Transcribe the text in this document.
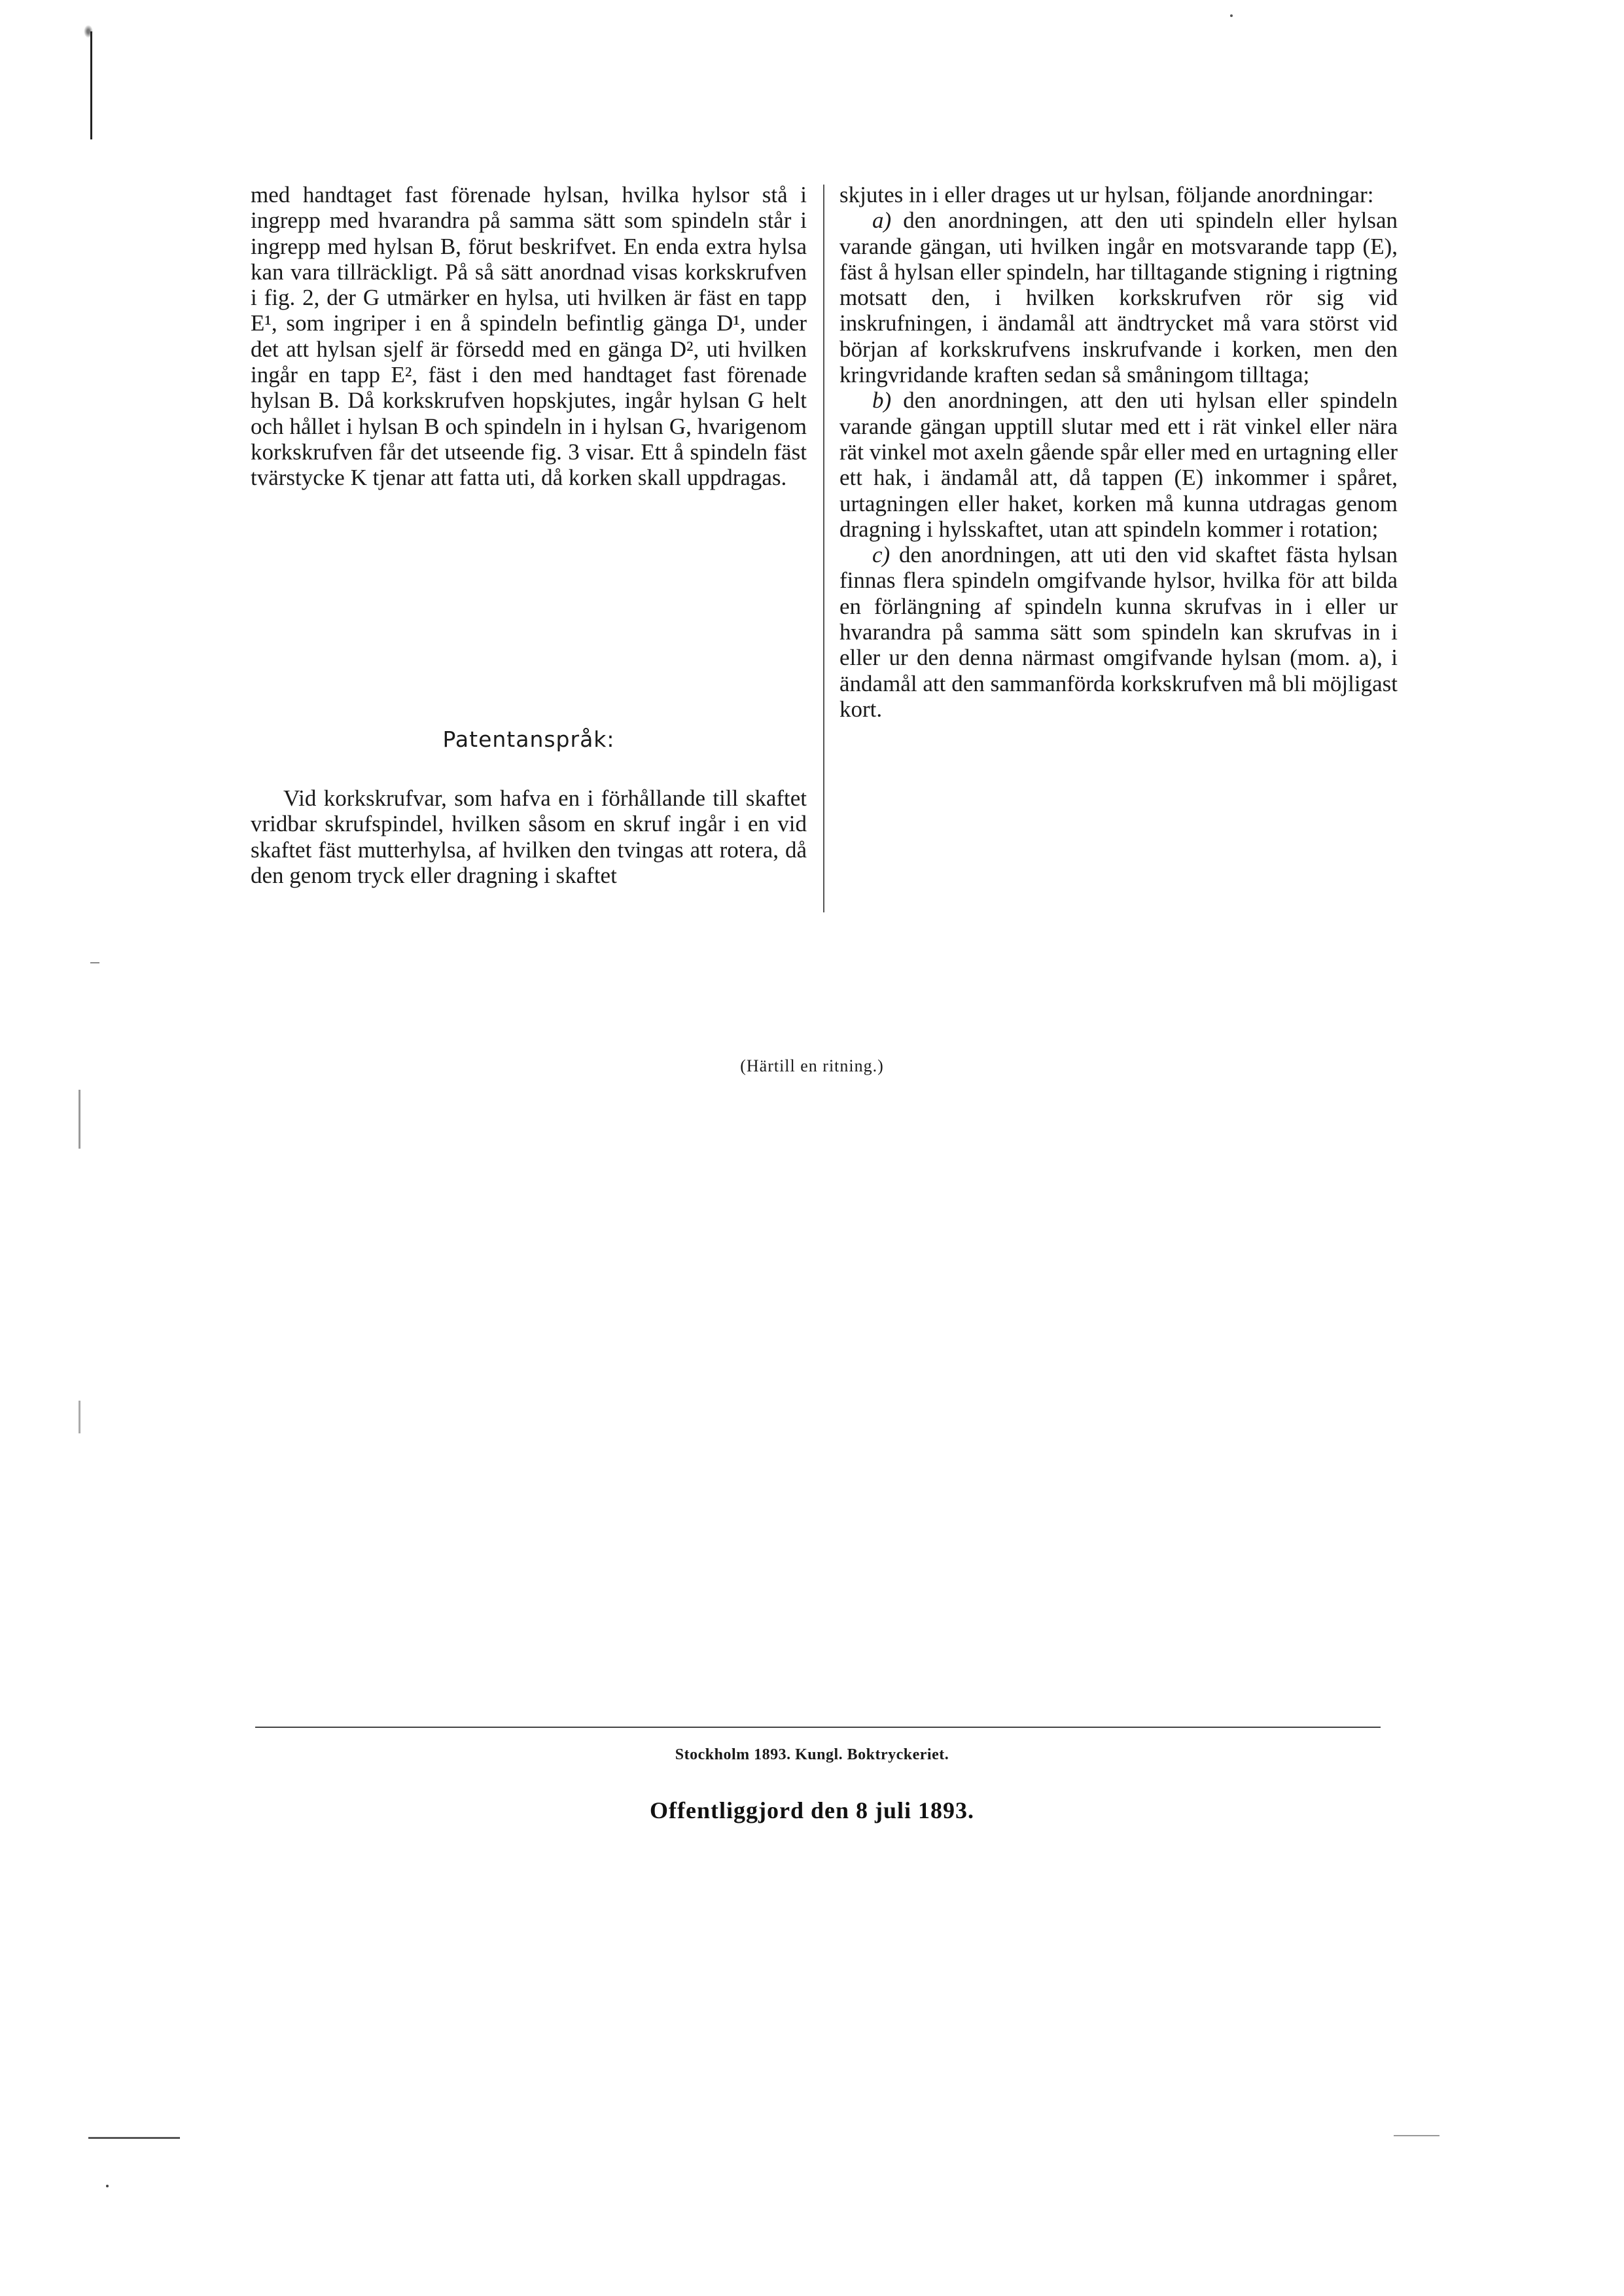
med handtaget fast förenade hylsan, hvilka hylsor stå i ingrepp med hvarandra på samma sätt som spindeln står i ingrepp med hylsan B, förut beskrifvet. En enda extra hylsa kan vara tillräckligt. På så sätt anordnad visas korkskrufven i fig. 2, der G utmärker en hylsa, uti hvilken är fäst en tapp E¹, som ingriper i en å spindeln befintlig gänga D¹, under det att hylsan sjelf är försedd med en gänga D², uti hvilken ingår en tapp E², fäst i den med handtaget fast förenade hylsan B. Då korkskrufven hopskjutes, ingår hylsan G helt och hållet i hylsan B och spindeln in i hylsan G, hvarigenom korkskrufven får det utseende fig. 3 visar. Ett å spindeln fäst tvärstycke K tjenar att fatta uti, då korken skall uppdragas.

Patentanspråk:

Vid korkskrufvar, som hafva en i förhållande till skaftet vridbar skrufspindel, hvilken såsom en skruf ingår i en vid skaftet fäst mutterhylsa, af hvilken den tvingas att rotera, då den genom tryck eller dragning i skaftet

skjutes in i eller drages ut ur hylsan, följande anordningar:

a) den anordningen, att den uti spindeln eller hylsan varande gängan, uti hvilken ingår en motsvarande tapp (E), fäst å hylsan eller spindeln, har tilltagande stigning i rigtning motsatt den, i hvilken korkskrufven rör sig vid inskrufningen, i ändamål att ändtrycket må vara störst vid början af korkskrufvens inskrufvande i korken, men den kringvridande kraften sedan så småningom tilltaga;

b) den anordningen, att den uti hylsan eller spindeln varande gängan upptill slutar med ett i rät vinkel eller nära rät vinkel mot axeln gående spår eller med en urtagning eller ett hak, i ändamål att, då tappen (E) inkommer i spåret, urtagningen eller haket, korken må kunna utdragas genom dragning i hylsskaftet, utan att spindeln kommer i rotation;

c) den anordningen, att uti den vid skaftet fästa hylsan finnas flera spindeln omgifvande hylsor, hvilka för att bilda en förlängning af spindeln kunna skrufvas in i eller ur hvarandra på samma sätt som spindeln kan skrufvas in i eller ur den denna närmast omgifvande hylsan (mom. a), i ändamål att den sammanförda korkskrufven må bli möjligast kort.

(Härtill en ritning.)
Stockholm 1893. Kungl. Boktryckeriet.
Offentliggjord den 8 juli 1893.
